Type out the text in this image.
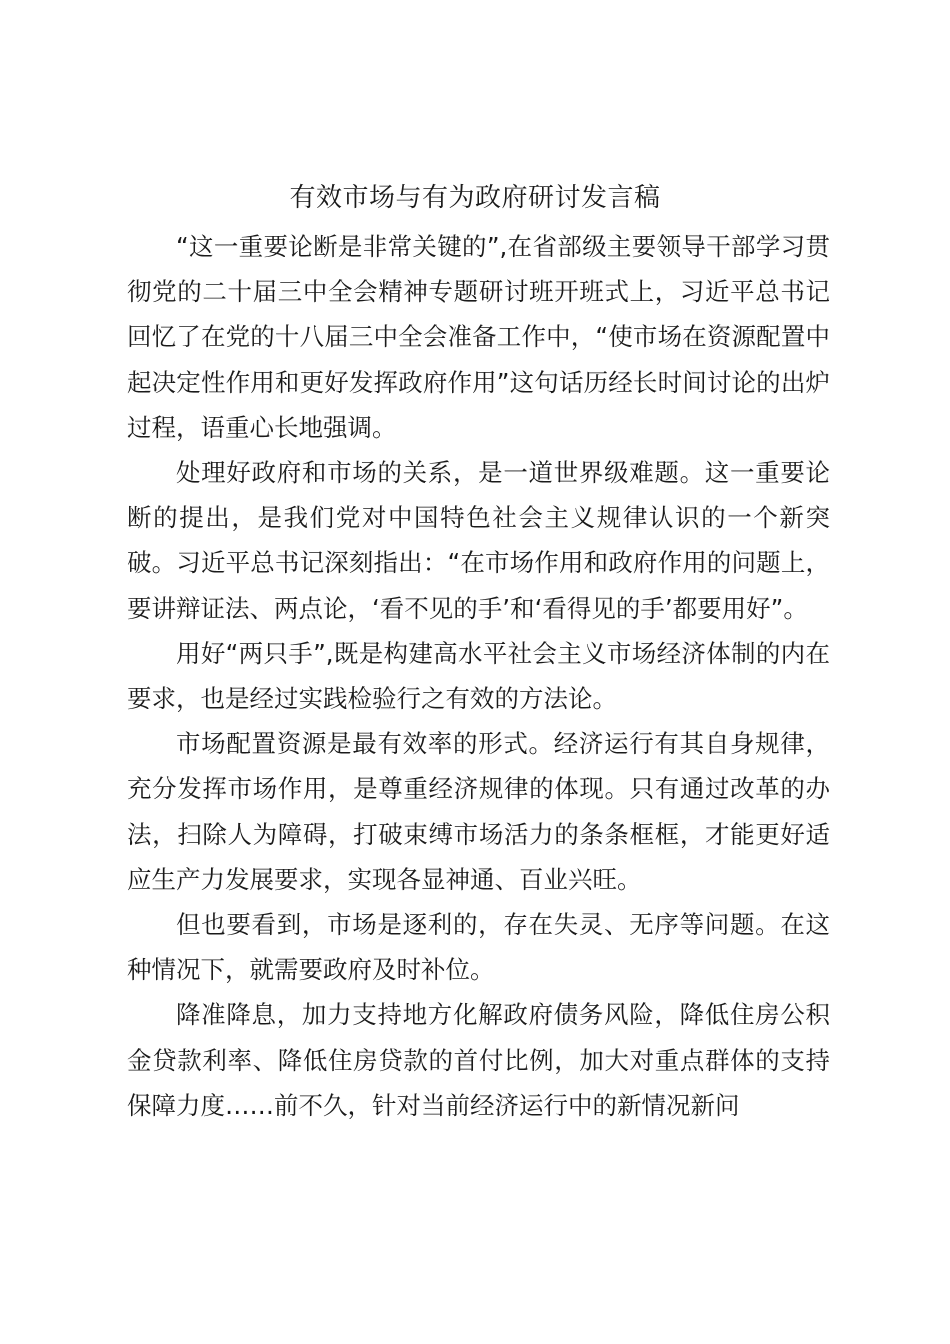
有效市场与有为政府研讨发言稿

“这一重要论断是非常关键的”,在省部级主要领导干部学习贯彻党的二十届三中全会精神专题研讨班开班式上，习近平总书记回忆了在党的十八届三中全会准备工作中，“使市场在资源配置中起决定性作用和更好发挥政府作用”这句话历经长时间讨论的出炉过程，语重心长地强调。

处理好政府和市场的关系，是一道世界级难题。这一重要论断的提出，是我们党对中国特色社会主义规律认识的一个新突破。习近平总书记深刻指出：“在市场作用和政府作用的问题上，要讲辩证法、两点论，‘看不见的手’和‘看得见的手’都要用好”。

用好“两只手”,既是构建高水平社会主义市场经济体制的内在要求，也是经过实践检验行之有效的方法论。

市场配置资源是最有效率的形式。经济运行有其自身规律，充分发挥市场作用，是尊重经济规律的体现。只有通过改革的办法，扫除人为障碍，打破束缚市场活力的条条框框，才能更好适应生产力发展要求，实现各显神通、百业兴旺。

但也要看到，市场是逐利的，存在失灵、无序等问题。在这种情况下，就需要政府及时补位。

降准降息，加力支持地方化解政府债务风险，降低住房公积金贷款利率、降低住房贷款的首付比例，加大对重点群体的支持保障力度……前不久，针对当前经济运行中的新情况新问
